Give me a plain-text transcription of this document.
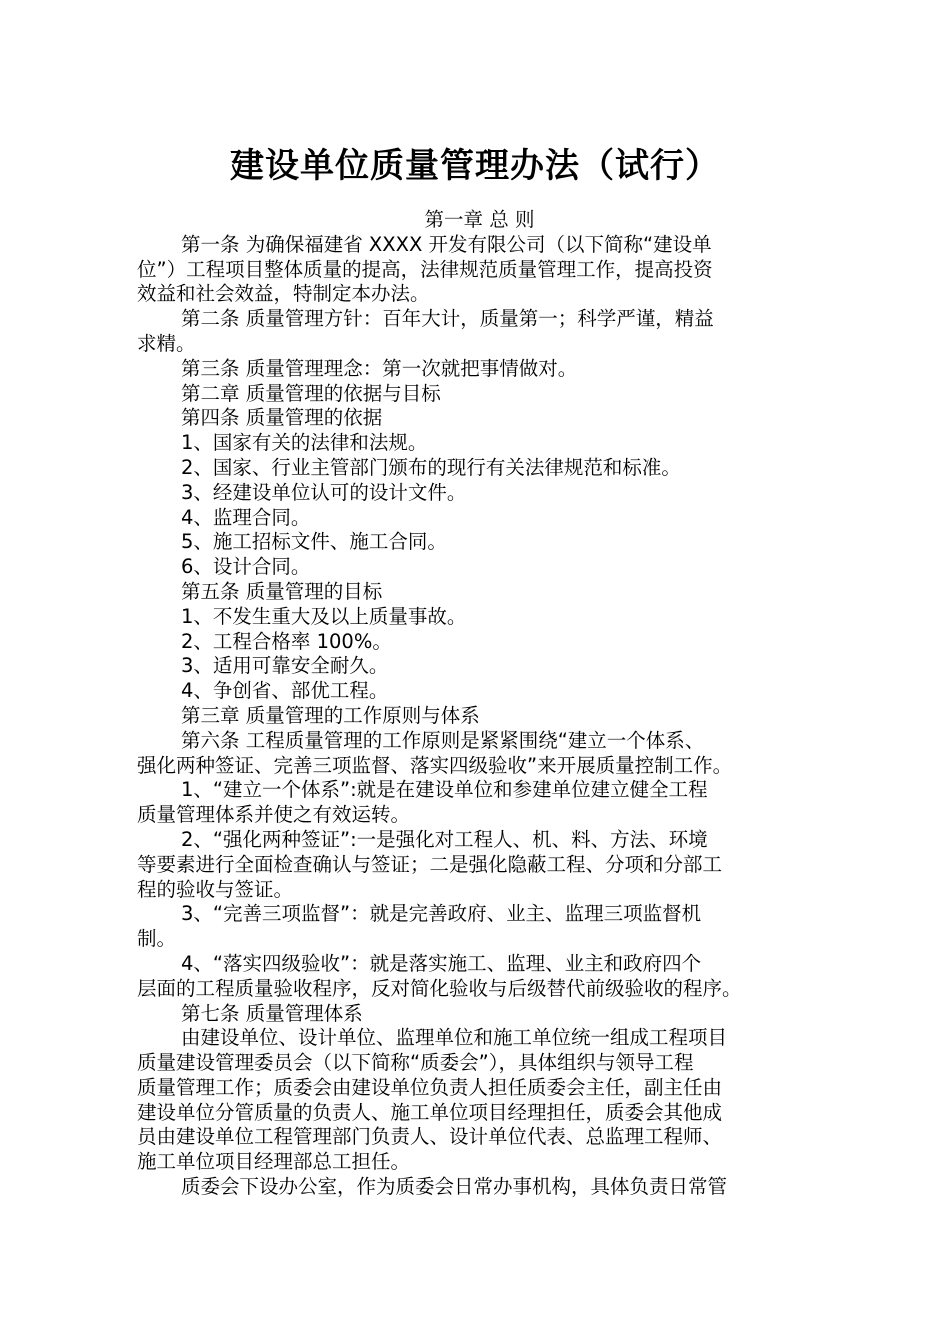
建设单位质量管理办法（试行）
第一章 总 则
第一条 为确保福建省 XXXX 开发有限公司（以下简称“建设单
位”）工程项目整体质量的提高，法律规范质量管理工作，提高投资
效益和社会效益，特制定本办法。
第二条 质量管理方针：百年大计，质量第一；科学严谨，精益
求精。
第三条 质量管理理念：第一次就把事情做对。
第二章 质量管理的依据与目标
第四条 质量管理的依据
1、国家有关的法律和法规。
2、国家、行业主管部门颁布的现行有关法律规范和标准。
3、经建设单位认可的设计文件。
4、监理合同。
5、施工招标文件、施工合同。
6、设计合同。
第五条 质量管理的目标
1、不发生重大及以上质量事故。
2、工程合格率 100%。
3、适用可靠安全耐久。
4、争创省、部优工程。
第三章 质量管理的工作原则与体系
第六条 工程质量管理的工作原则是紧紧围绕“建立一个体系、
强化两种签证、完善三项监督、落实四级验收”来开展质量控制工作。
1、“建立一个体系”:就是在建设单位和参建单位建立健全工程
质量管理体系并使之有效运转。
2、“强化两种签证”:一是强化对工程人、机、料、方法、环境
等要素进行全面检查确认与签证；二是强化隐蔽工程、分项和分部工
程的验收与签证。
3、“完善三项监督”：就是完善政府、业主、监理三项监督机
制。
4、“落实四级验收”：就是落实施工、监理、业主和政府四个
层面的工程质量验收程序，反对简化验收与后级替代前级验收的程序。
第七条 质量管理体系
由建设单位、设计单位、监理单位和施工单位统一组成工程项目
质量建设管理委员会（以下简称“质委会”），具体组织与领导工程
质量管理工作；质委会由建设单位负责人担任质委会主任，副主任由
建设单位分管质量的负责人、施工单位项目经理担任，质委会其他成
员由建设单位工程管理部门负责人、设计单位代表、总监理工程师、
施工单位项目经理部总工担任。
质委会下设办公室，作为质委会日常办事机构，具体负责日常管
